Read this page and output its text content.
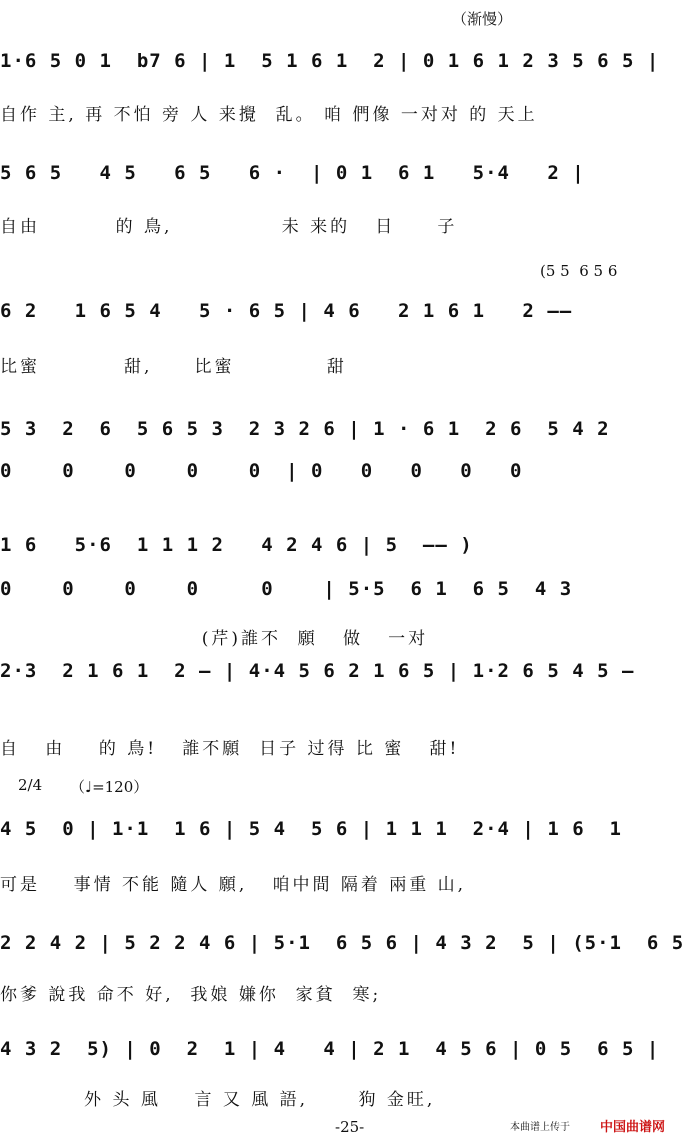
（渐慢）
1·6 5 0 1  b7 6 | 1  5 1 6 1  2 | 0 1 6 1 2 3 5 6 5 |
自作 主, 再 不怕 旁 人 来攪  乱。 咱 們像 一对对 的 天上
5 6 5   4 5   6 5   6 ·  | 0 1  6 1   5·4   2 |
自由         的 鳥,             未 来的   日     子
(5 5  6 5 6
6 2   1 6 5 4   5 · 6 5 | 4 6   2 1 6 1   2 ——
比蜜          甜,     比蜜           甜
5 3  2  6  5 6 5 3  2 3 2 6 | 1 · 6 1  2 6  5 4 2
0    0    0    0    0  | 0   0   0   0   0
1 6   5·6  1 1 1 2   4 2 4 6 | 5  —— )
0    0    0    0     0    | 5·5  6 1  6 5  4 3
(芹)誰不  願   做   一对
2·3  2 1 6 1  2 — | 4·4 5 6 2 1 6 5 | 1·2 6 5 4 5 —
自   由    的 鳥!   誰不願  日子 过得 比 蜜   甜!
2/4 （♩=120）
4 5  0 | 1·1  1 6 | 5 4  5 6 | 1 1 1  2·4 | 1 6  1
可是    事情 不能 隨人 願,   咱中間 隔着 兩重 山,
2 2 4 2 | 5 2 2 4 6 | 5·1  6 5 6 | 4 3 2  5 | (5·1  6 5
你爹 說我 命不 好,  我娘 嫌你  家貧  寒;
4 3 2  5) | 0  2  1 | 4   4 | 2 1  4 5 6 | 0 5  6 5 |
外 头 風    言 又 風 語,      狗 金旺,
-25-	本曲谱上传于 中国曲谱网
